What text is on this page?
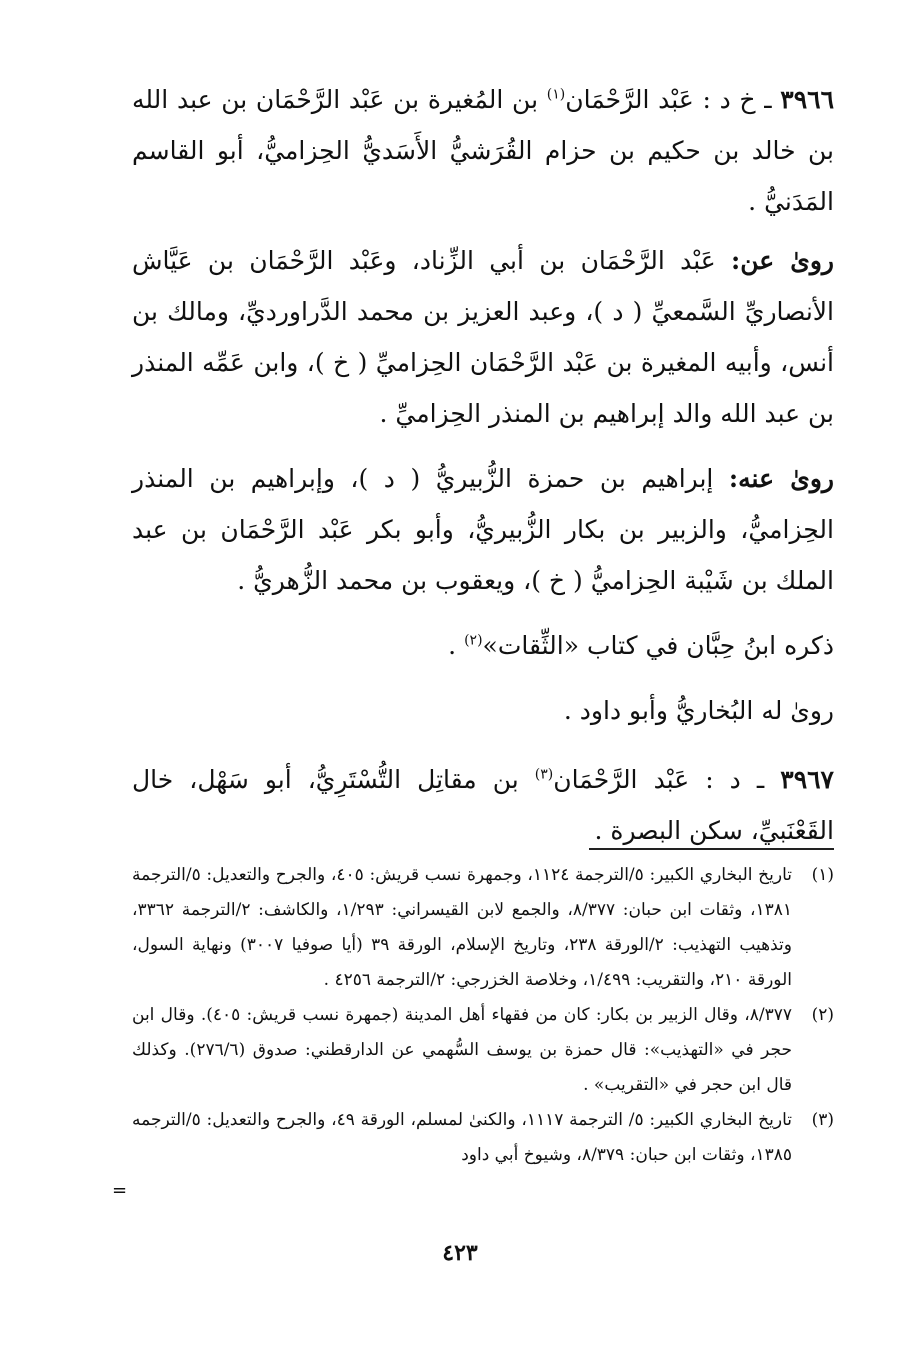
٣٩٦٦ ـ خ د : عَبْد الرَّحْمَان$^{(١)}$ بن المُغيرة بن عَبْد الرَّحْمَان بن عبد الله بن خالد بن حكيم بن حزام القُرَشيُّ الأَسَديُّ الحِزاميُّ، أبو القاسم المَدَنيُّ .

روىٰ عن: عَبْد الرَّحْمَان بن أبي الزِّناد، وعَبْد الرَّحْمَان بن عَيَّاش الأنصاريِّ السَّمعيِّ ( د )، وعبد العزيز بن محمد الدَّراورديِّ، ومالك بن أنس، وأبيه المغيرة بن عَبْد الرَّحْمَان الحِزاميِّ ( خ )، وابن عَمِّه المنذر بن عبد الله والد إبراهيم بن المنذر الحِزاميِّ .

روىٰ عنه: إبراهيم بن حمزة الزُّبيريُّ ( د )، وإبراهيم بن المنذر الحِزاميُّ، والزبير بن بكار الزُّبيريُّ، وأبو بكر عَبْد الرَّحْمَان بن عبد الملك بن شَيْبة الحِزاميُّ ( خ )، ويعقوب بن محمد الزُّهريُّ .

ذكره ابنُ حِبَّان في كتاب «الثِّقات»$^{(٢)}$ .

روىٰ له البُخاريُّ وأبو داود .

٣٩٦٧ ـ د : عَبْد الرَّحْمَان$^{(٣)}$ بن مقاتِل التُّسْتَرِيُّ، أبو سَهْل، خال القَعْنَبيِّ، سكن البصرة .

(١)
تاريخ البخاري الكبير: ٥/الترجمة ١١٢٤، وجمهرة نسب قريش: ٤٠٥، والجرح والتعديل: ٥/الترجمة ١٣٨١، وثقات ابن حبان: ٨/٣٧٧، والجمع لابن القيسراني: ١/٢٩٣، والكاشف: ٢/الترجمة ٣٣٦٢، وتذهيب التهذيب: ٢/الورقة ٢٣٨، وتاريخ الإسلام، الورقة ٣٩ (أيا صوفيا ٣٠٠٧) ونهاية السول، الورقة ٢١٠، والتقريب: ١/٤٩٩، وخلاصة الخزرجي: ٢/الترجمة ٤٢٥٦ .
(٢)
٨/٣٧٧، وقال الزبير بن بكار: كان من فقهاء أهل المدينة (جمهرة نسب قريش: ٤٠٥). وقال ابن حجر في «التهذيب»: قال حمزة بن يوسف السُّهمي عن الدارقطني: صدوق (٢٧٦/٦). وكذلك قال ابن حجر في «التقريب» .
(٣)
تاريخ البخاري الكبير: ٥/ الترجمة ١١١٧، والكنىٰ لمسلم، الورقة ٤٩، والجرح والتعديل: ٥/الترجمه ١٣٨٥، وثقات ابن حبان: ٨/٣٧٩، وشيوخ أبي داود
=
٤٢٣
